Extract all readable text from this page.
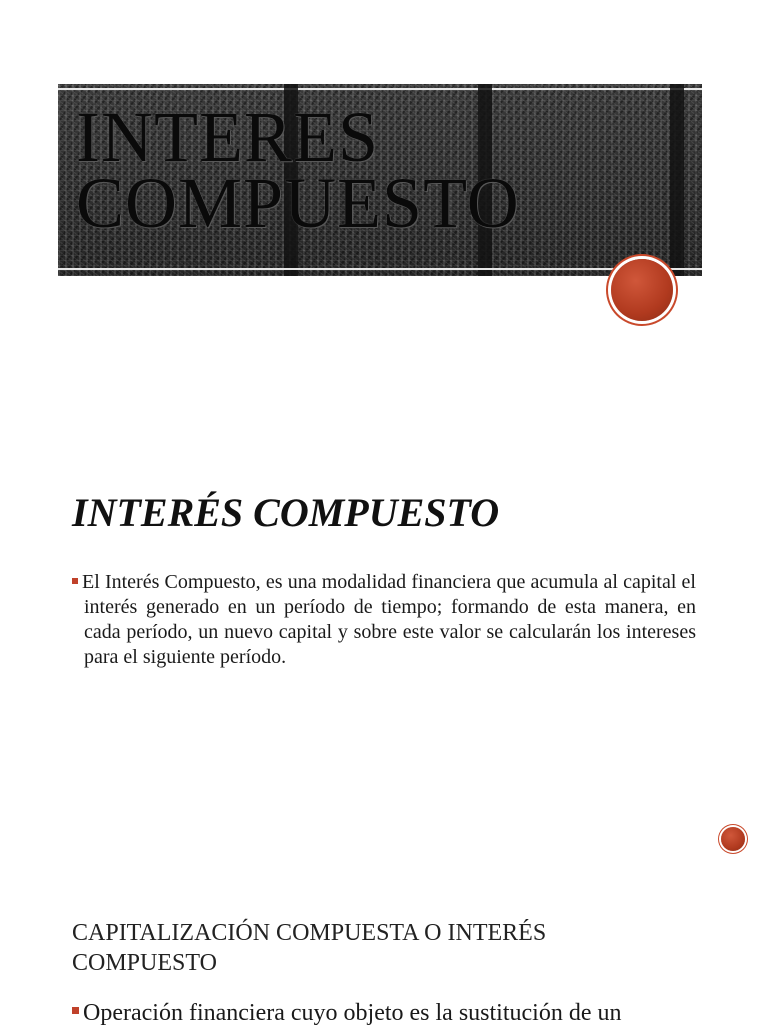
INTERES
COMPUESTO
INTERÉS COMPUESTO
El Interés Compuesto, es una modalidad financiera que acumula al capital el interés generado en un período de tiempo; formando de esta manera, en cada período, un nuevo capital y sobre este valor se calcularán los intereses para el siguiente período.
CAPITALIZACIÓN COMPUESTA O INTERÉS COMPUESTO
Operación financiera cuyo objeto es la sustitución de un
